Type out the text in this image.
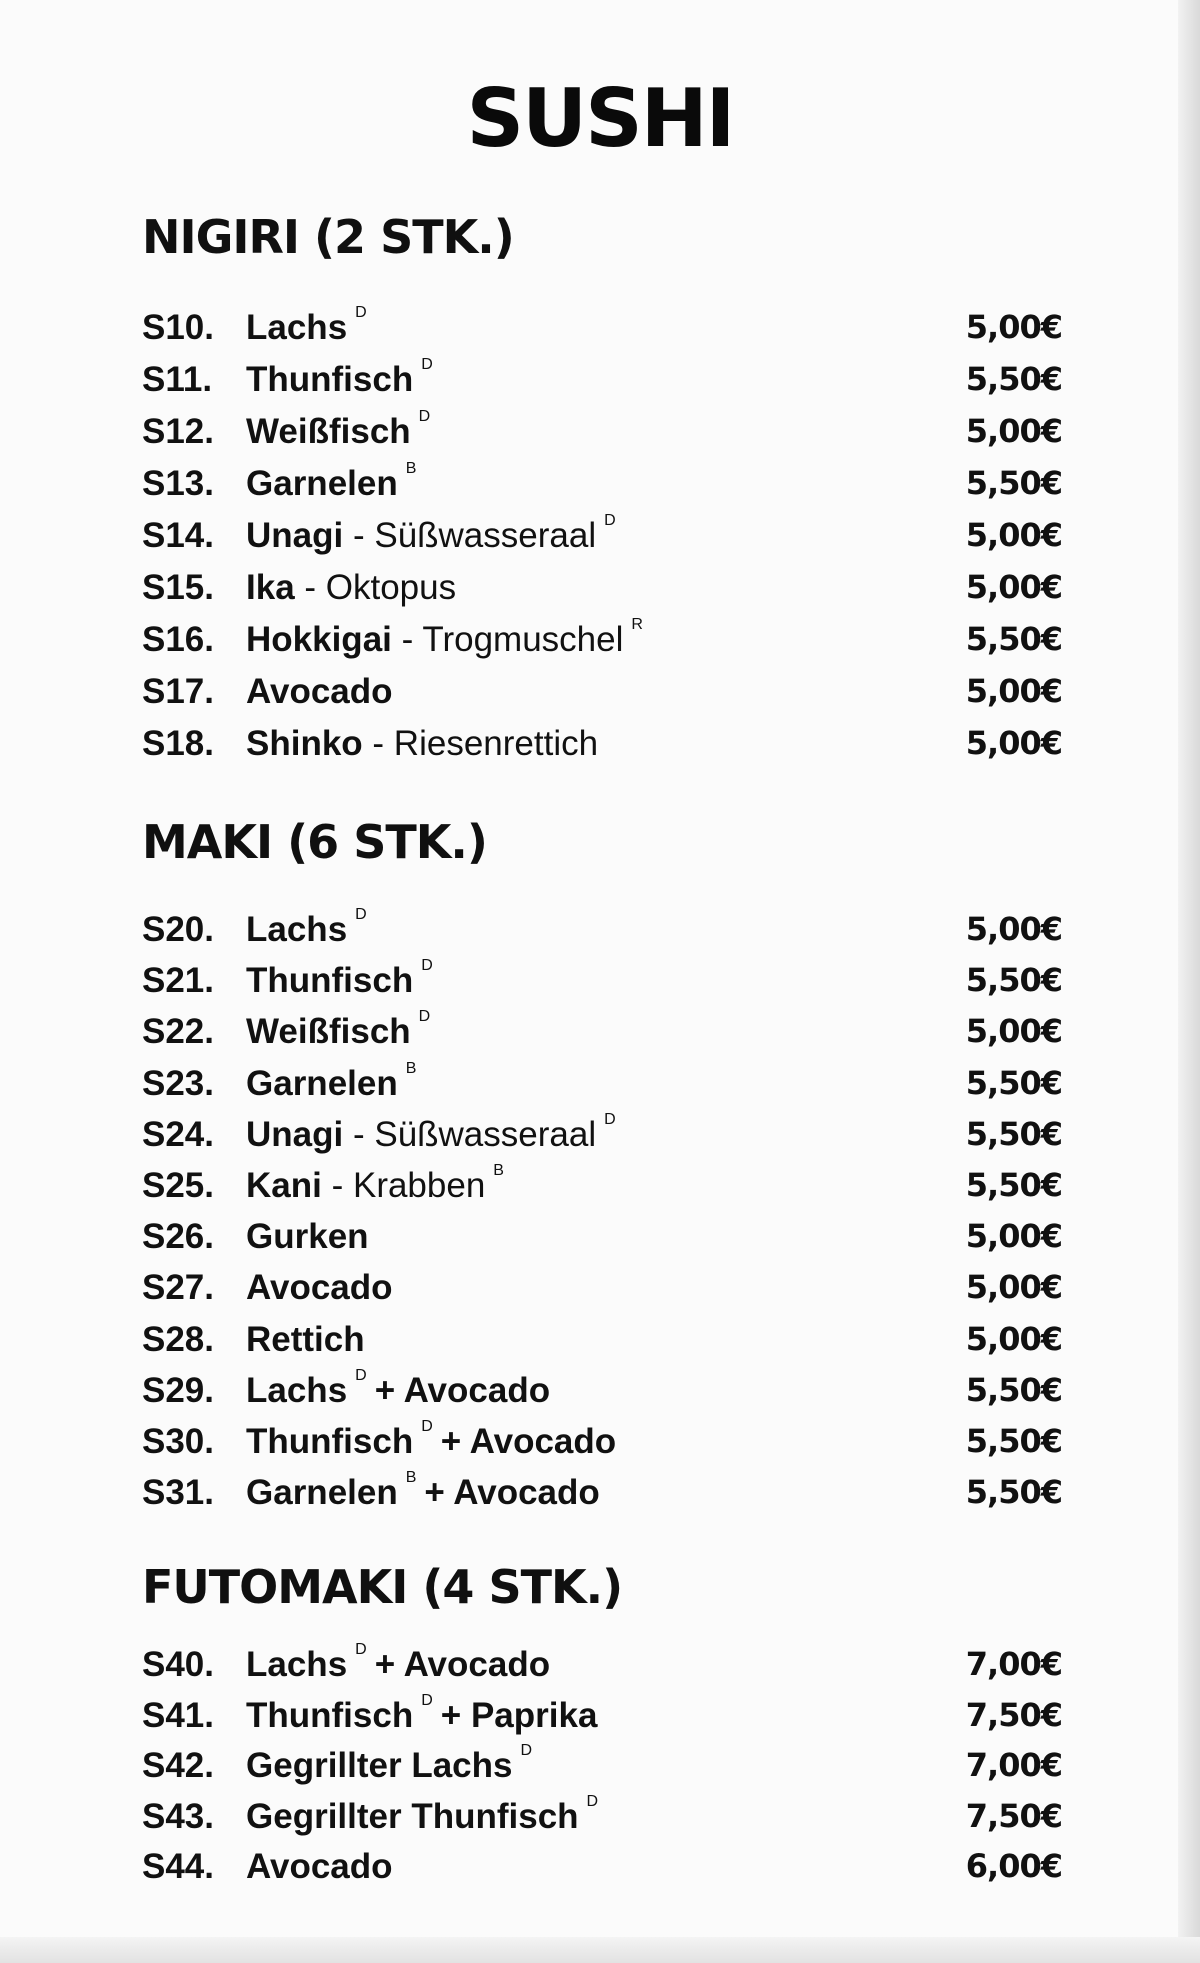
SUSHI
NIGIRI (2 STK.)
S10. Lachs $^D$	5,00€
S11. Thunfisch $^D$	5,50€
S12. Weißfisch $^D$	5,00€
S13. Garnelen $^B$	5,50€
S14. Unagi - Süßwasseraal $^D$	5,00€
S15. Ika - Oktopus	5,00€
S16. Hokkigai - Trogmuschel $^R$	5,50€
S17. Avocado	5,00€
S18. Shinko - Riesenrettich	5,00€
MAKI (6 STK.)
S20. Lachs $^D$	5,00€
S21. Thunfisch $^D$	5,50€
S22. Weißfisch $^D$	5,00€
S23. Garnelen $^B$	5,50€
S24. Unagi - Süßwasseraal $^D$	5,50€
S25. Kani - Krabben $^B$	5,50€
S26. Gurken	5,00€
S27. Avocado	5,00€
S28. Rettich	5,00€
S29. Lachs $^D$ + Avocado	5,50€
S30. Thunfisch $^D$ + Avocado	5,50€
S31. Garnelen $^B$ + Avocado	5,50€
FUTOMAKI (4 STK.)
S40. Lachs $^D$ + Avocado	7,00€
S41. Thunfisch $^D$ + Paprika	7,50€
S42. Gegrillter Lachs $^D$	7,00€
S43. Gegrillter Thunfisch $^D$	7,50€
S44. Avocado	6,00€
